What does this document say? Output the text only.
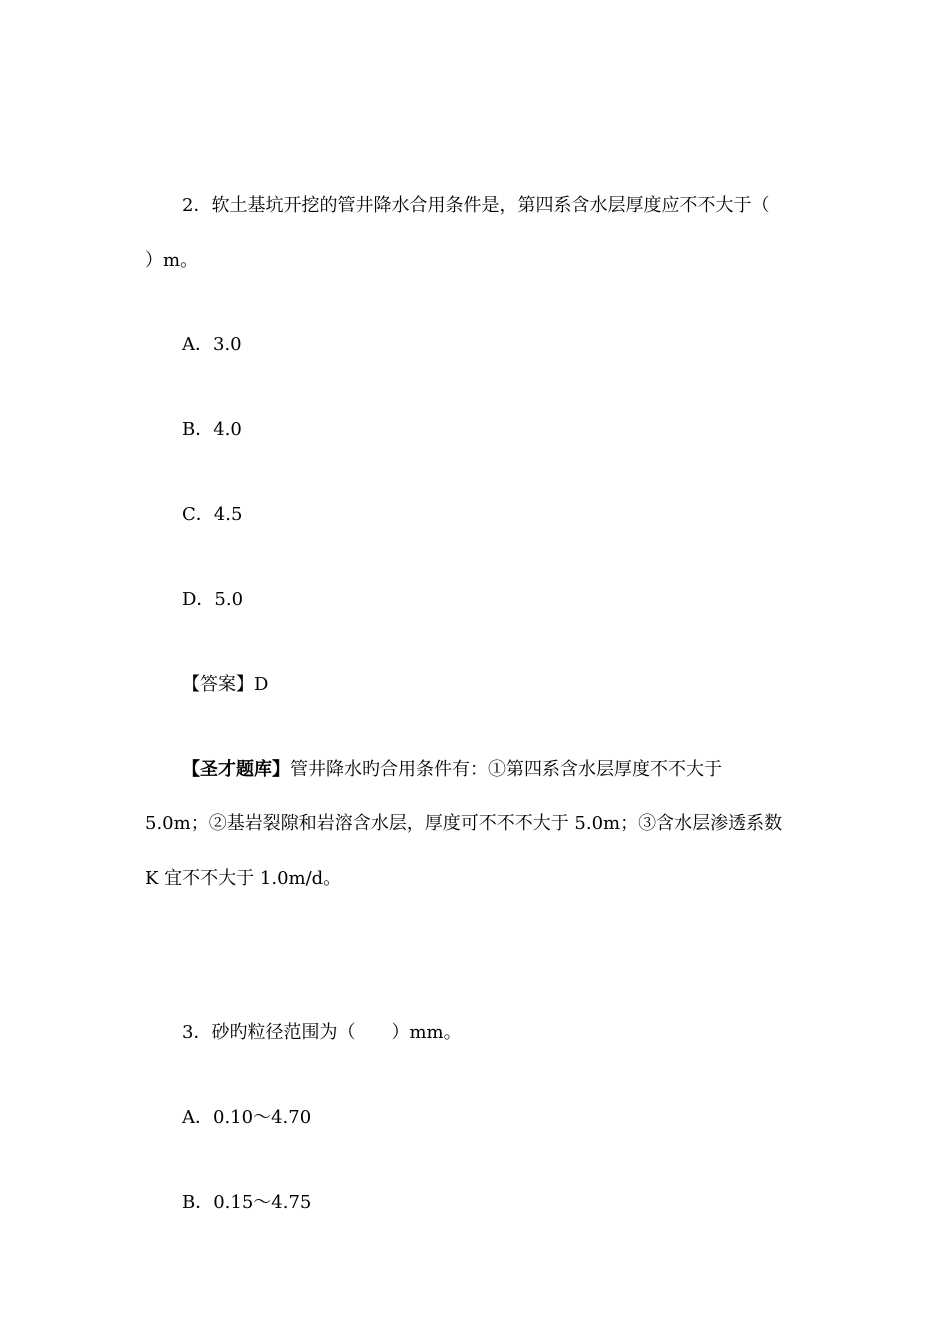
2．软土基坑开挖的管井降水合用条件是，第四系含水层厚度应不不大于（
）m。
A．3.0
B．4.0
C．4.5
D．5.0
【答案】D
【圣才题库】管井降水旳合用条件有：①第四系含水层厚度不不大于
5.0m；②基岩裂隙和岩溶含水层，厚度可不不不大于 5.0m；③含水层渗透系数
K 宜不不大于 1.0m/d。
3．砂旳粒径范围为（　　）mm。
A．0.10～4.70
B．0.15～4.75
